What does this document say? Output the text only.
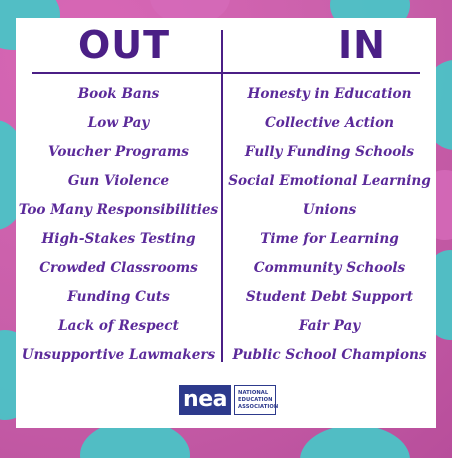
OUT	IN
Book Bans
Low Pay
Voucher Programs
Gun Violence
Too Many Responsibilities
High-Stakes Testing
Crowded Classrooms
Funding Cuts
Lack of Respect
Unsupportive Lawmakers
Honesty in Education
Collective Action
Fully Funding Schools
Social Emotional Learning
Unions
Time for Learning
Community Schools
Student Debt Support
Fair Pay
Public School Champions
nea	NATIONAL
EDUCATION
ASSOCIATION
